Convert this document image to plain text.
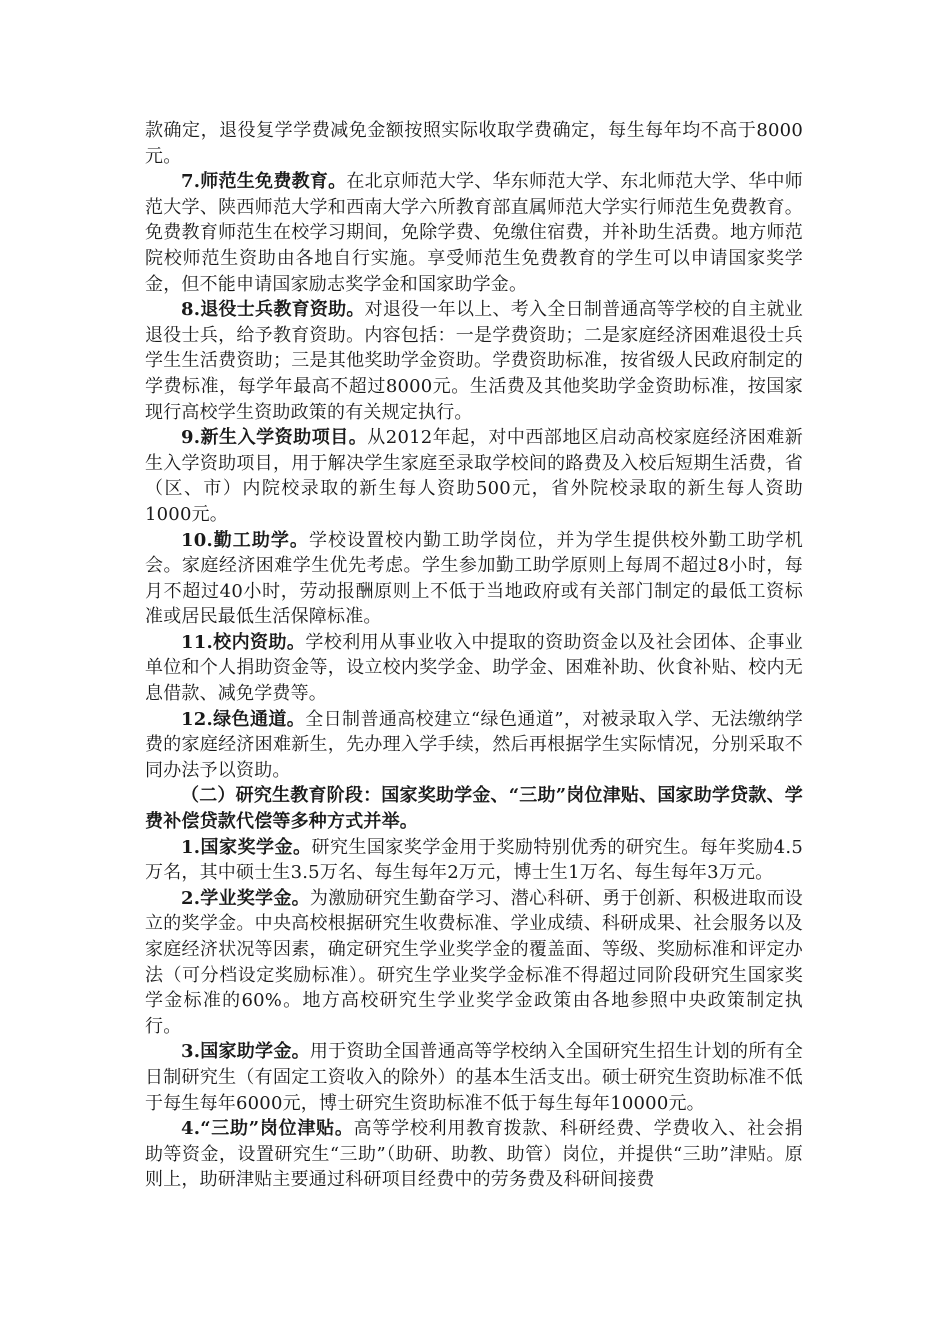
款确定，退役复学学费减免金额按照实际收取学费确定，每生每年均不高于8000元。

7.师范生免费教育。在北京师范大学、华东师范大学、东北师范大学、华中师范大学、陕西师范大学和西南大学六所教育部直属师范大学实行师范生免费教育。免费教育师范生在校学习期间，免除学费、免缴住宿费，并补助生活费。地方师范院校师范生资助由各地自行实施。享受师范生免费教育的学生可以申请国家奖学金，但不能申请国家励志奖学金和国家助学金。

8.退役士兵教育资助。对退役一年以上、考入全日制普通高等学校的自主就业退役士兵，给予教育资助。内容包括：一是学费资助；二是家庭经济困难退役士兵学生生活费资助；三是其他奖助学金资助。学费资助标准，按省级人民政府制定的学费标准，每学年最高不超过8000元。生活费及其他奖助学金资助标准，按国家现行高校学生资助政策的有关规定执行。

9.新生入学资助项目。从2012年起，对中西部地区启动高校家庭经济困难新生入学资助项目，用于解决学生家庭至录取学校间的路费及入校后短期生活费，省（区、市）内院校录取的新生每人资助500元，省外院校录取的新生每人资助1000元。

10.勤工助学。学校设置校内勤工助学岗位，并为学生提供校外勤工助学机会。家庭经济困难学生优先考虑。学生参加勤工助学原则上每周不超过8小时，每月不超过40小时，劳动报酬原则上不低于当地政府或有关部门制定的最低工资标准或居民最低生活保障标准。

11.校内资助。学校利用从事业收入中提取的资助资金以及社会团体、企事业单位和个人捐助资金等，设立校内奖学金、助学金、困难补助、伙食补贴、校内无息借款、减免学费等。

12.绿色通道。全日制普通高校建立“绿色通道”，对被录取入学、无法缴纳学费的家庭经济困难新生，先办理入学手续，然后再根据学生实际情况，分别采取不同办法予以资助。

（二）研究生教育阶段：国家奖助学金、“三助”岗位津贴、国家助学贷款、学费补偿贷款代偿等多种方式并举。

1.国家奖学金。研究生国家奖学金用于奖励特别优秀的研究生。每年奖励4.5万名，其中硕士生3.5万名、每生每年2万元，博士生1万名、每生每年3万元。

2.学业奖学金。为激励研究生勤奋学习、潜心科研、勇于创新、积极进取而设立的奖学金。中央高校根据研究生收费标准、学业成绩、科研成果、社会服务以及家庭经济状况等因素，确定研究生学业奖学金的覆盖面、等级、奖励标准和评定办法（可分档设定奖励标准）。研究生学业奖学金标准不得超过同阶段研究生国家奖学金标准的60%。地方高校研究生学业奖学金政策由各地参照中央政策制定执行。

3.国家助学金。用于资助全国普通高等学校纳入全国研究生招生计划的所有全日制研究生（有固定工资收入的除外）的基本生活支出。硕士研究生资助标准不低于每生每年6000元，博士研究生资助标准不低于每生每年10000元。

4.“三助”岗位津贴。高等学校利用教育拨款、科研经费、学费收入、社会捐助等资金，设置研究生“三助”（助研、助教、助管）岗位，并提供“三助”津贴。原则上，助研津贴主要通过科研项目经费中的劳务费及科研间接费
